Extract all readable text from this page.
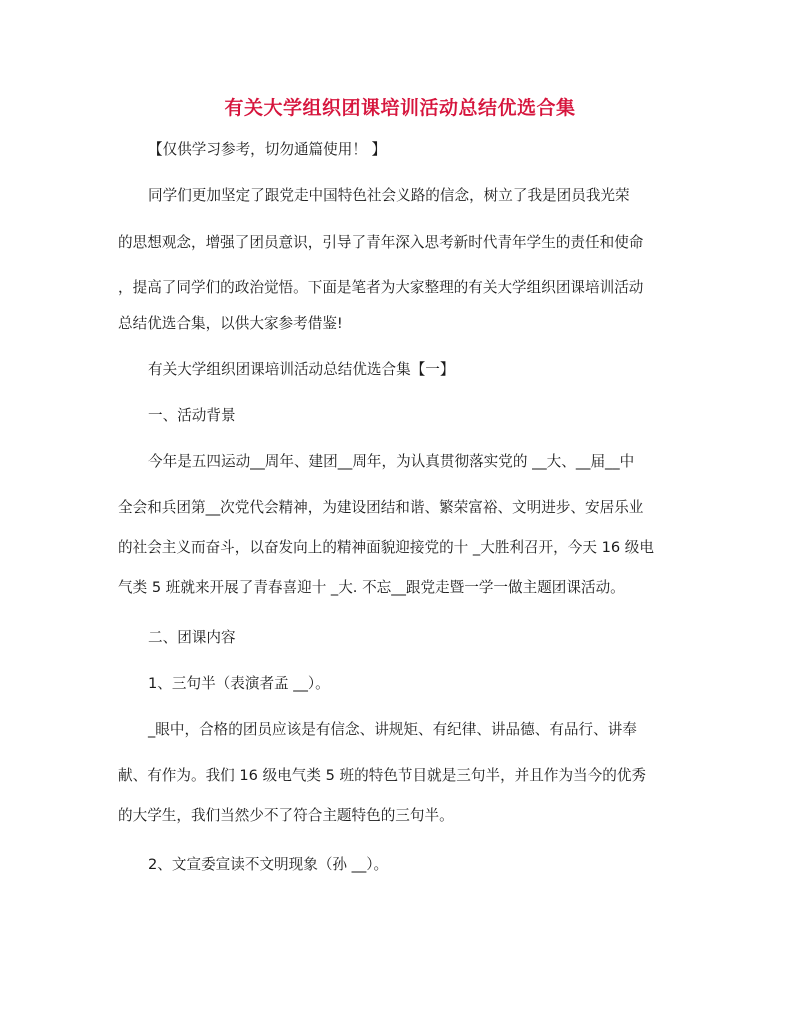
有关大学组织团课培训活动总结优选合集
【仅供学习参考，切勿通篇使用！ 】
同学们更加坚定了跟党走中国特色社会义路的信念，树立了我是团员我光荣
的思想观念，增强了团员意识，引导了青年深入思考新时代青年学生的责任和使命
，提高了同学们的政治觉悟。下面是笔者为大家整理的有关大学组织团课培训活动
总结优选合集，以供大家参考借鉴!
有关大学组织团课培训活动总结优选合集【一】
一、活动背景
今年是五四运动__周年、建团__周年，为认真贯彻落实党的 __大、__届__中
全会和兵团第__次党代会精神，为建设团结和谐、繁荣富裕、文明进步、安居乐业
的社会主义而奋斗，以奋发向上的精神面貌迎接党的十 _大胜利召开，今天 16 级电
气类 5 班就来开展了青春喜迎十 _大. 不忘__跟党走暨一学一做主题团课活动。
二、团课内容
1、三句半（表演者孟 __）。
_眼中，合格的团员应该是有信念、讲规矩、有纪律、讲品德、有品行、讲奉
献、有作为。我们 16 级电气类 5 班的特色节目就是三句半，并且作为当今的优秀
的大学生，我们当然少不了符合主题特色的三句半。
2、文宣委宣读不文明现象（孙 __）。
